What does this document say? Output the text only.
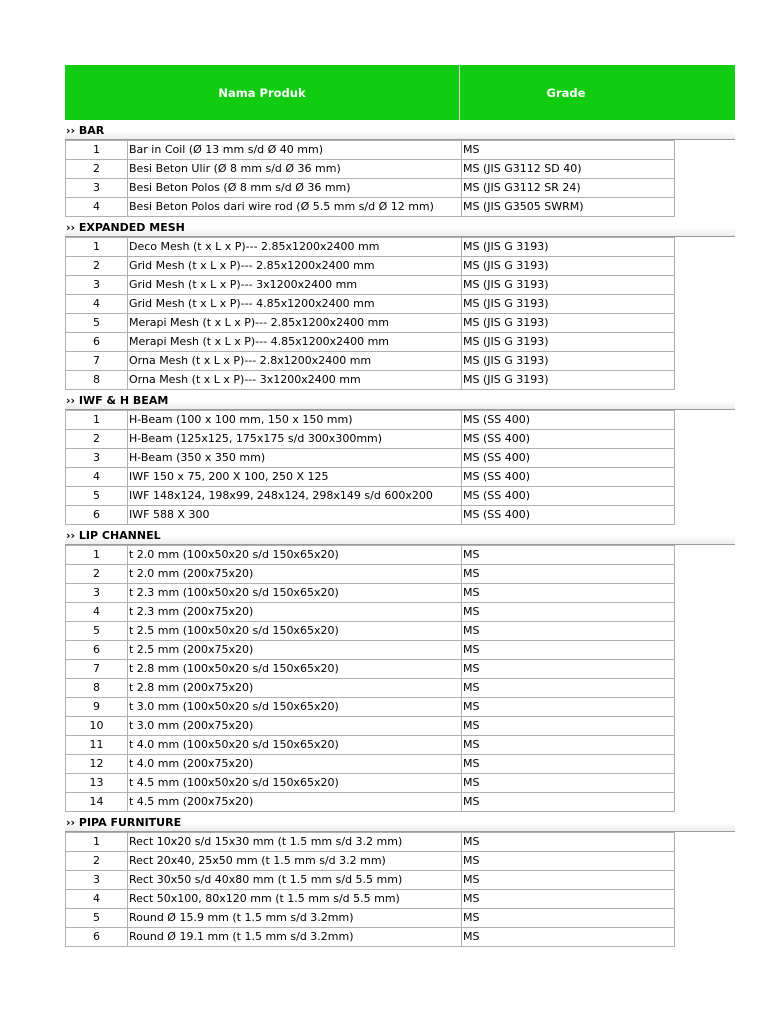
Nama Produk	Grade
›› BAR
1	Bar in Coil (Ø 13 mm s/d Ø 40 mm)	MS
2	Besi Beton Ulir (Ø 8 mm s/d Ø 36 mm)	MS (JIS G3112 SD 40)
3	Besi Beton Polos (Ø 8 mm s/d Ø 36 mm)	MS (JIS G3112 SR 24)
4	Besi Beton Polos dari wire rod (Ø 5.5 mm s/d Ø 12 mm)	MS (JIS G3505 SWRM)
›› EXPANDED MESH
1	Deco Mesh (t x L x P)--- 2.85x1200x2400 mm	MS (JIS G 3193)
2	Grid Mesh (t x L x P)--- 2.85x1200x2400 mm	MS (JIS G 3193)
3	Grid Mesh (t x L x P)--- 3x1200x2400 mm	MS (JIS G 3193)
4	Grid Mesh (t x L x P)--- 4.85x1200x2400 mm	MS (JIS G 3193)
5	Merapi Mesh (t x L x P)--- 2.85x1200x2400 mm	MS (JIS G 3193)
6	Merapi Mesh (t x L x P)--- 4.85x1200x2400 mm	MS (JIS G 3193)
7	Orna Mesh (t x L x P)--- 2.8x1200x2400 mm	MS (JIS G 3193)
8	Orna Mesh (t x L x P)--- 3x1200x2400 mm	MS (JIS G 3193)
›› IWF & H BEAM
1	H-Beam (100 x 100 mm, 150 x 150 mm)	MS (SS 400)
2	H-Beam (125x125, 175x175 s/d 300x300mm)	MS (SS 400)
3	H-Beam (350 x 350 mm)	MS (SS 400)
4	IWF 150 x 75, 200 X 100, 250 X 125	MS (SS 400)
5	IWF 148x124, 198x99, 248x124, 298x149 s/d 600x200	MS (SS 400)
6	IWF 588 X 300	MS (SS 400)
›› LIP CHANNEL
1	t 2.0 mm (100x50x20 s/d 150x65x20)	MS
2	t 2.0 mm (200x75x20)	MS
3	t 2.3 mm (100x50x20 s/d 150x65x20)	MS
4	t 2.3 mm (200x75x20)	MS
5	t 2.5 mm (100x50x20 s/d 150x65x20)	MS
6	t 2.5 mm (200x75x20)	MS
7	t 2.8 mm (100x50x20 s/d 150x65x20)	MS
8	t 2.8 mm (200x75x20)	MS
9	t 3.0 mm (100x50x20 s/d 150x65x20)	MS
10	t 3.0 mm (200x75x20)	MS
11	t 4.0 mm (100x50x20 s/d 150x65x20)	MS
12	t 4.0 mm (200x75x20)	MS
13	t 4.5 mm (100x50x20 s/d 150x65x20)	MS
14	t 4.5 mm (200x75x20)	MS
›› PIPA FURNITURE
1	Rect 10x20 s/d 15x30 mm (t 1.5 mm s/d 3.2 mm)	MS
2	Rect 20x40, 25x50 mm (t 1.5 mm s/d 3.2 mm)	MS
3	Rect 30x50 s/d 40x80 mm (t 1.5 mm s/d 5.5 mm)	MS
4	Rect 50x100, 80x120 mm (t 1.5 mm s/d 5.5 mm)	MS
5	Round Ø 15.9 mm (t 1.5 mm s/d 3.2mm)	MS
6	Round Ø 19.1 mm (t 1.5 mm s/d 3.2mm)	MS
